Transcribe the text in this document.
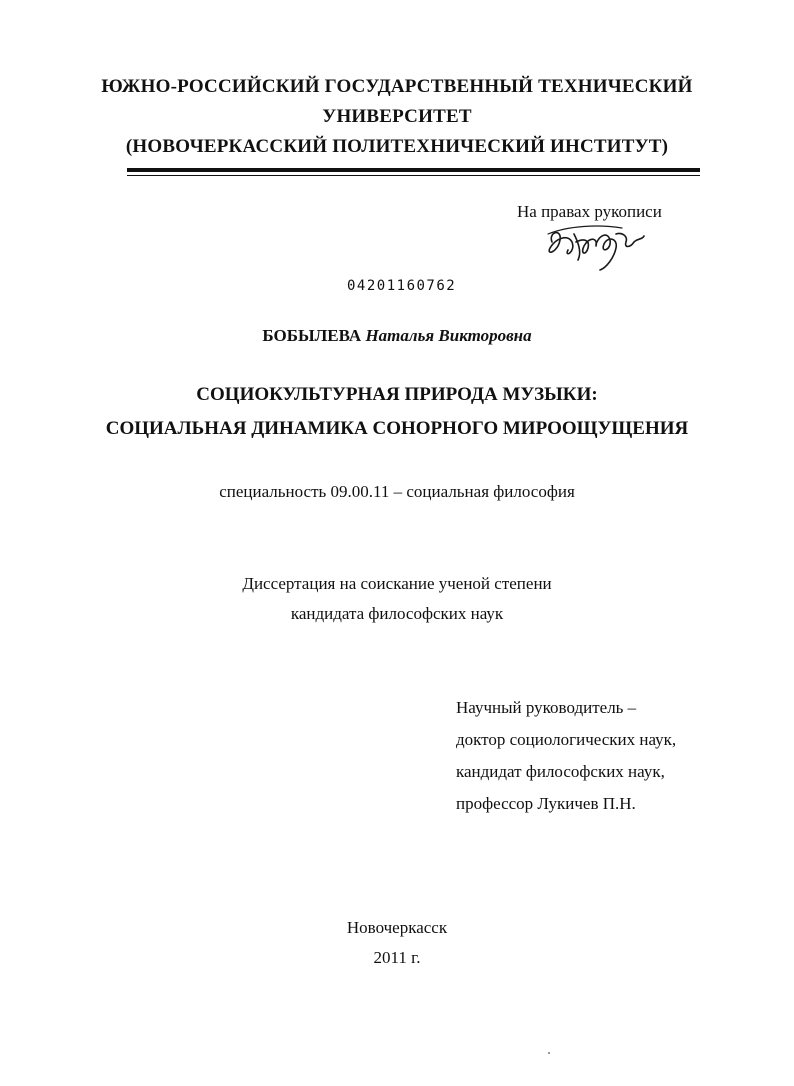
ЮЖНО-РОССИЙСКИЙ ГОСУДАРСТВЕННЫЙ ТЕХНИЧЕСКИЙ
УНИВЕРСИТЕТ
(НОВОЧЕРКАССКИЙ ПОЛИТЕХНИЧЕСКИЙ ИНСТИТУТ)
На правах рукописи
04201160762
БОБЫЛЕВА Наталья Викторовна
СОЦИОКУЛЬТУРНАЯ ПРИРОДА МУЗЫКИ:
СОЦИАЛЬНАЯ ДИНАМИКА СОНОРНОГО МИРООЩУЩЕНИЯ
специальность 09.00.11 – социальная философия
Диссертация на соискание ученой степени
кандидата философских наук
Научный руководитель –
доктор социологических наук,
кандидат философских наук,
профессор Лукичев П.Н.
Новочеркасск
2011 г.
